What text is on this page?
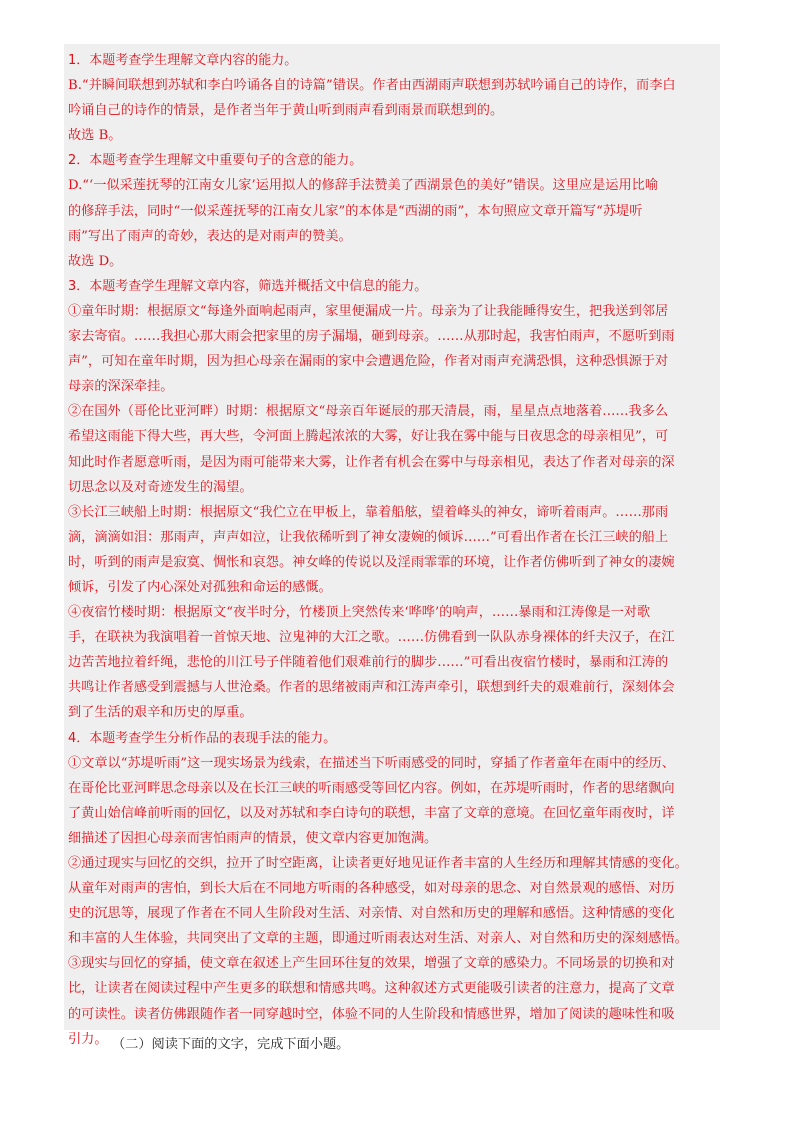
1．本题考查学生理解文章内容的能力。
B.“并瞬间联想到苏轼和李白吟诵各自的诗篇”错误。作者由西湖雨声联想到苏轼吟诵自己的诗作，而李白
吟诵自己的诗作的情景，是作者当年于黄山听到雨声看到雨景而联想到的。
故选 B。
2．本题考查学生理解文中重要句子的含意的能力。
D.“‘一似采莲抚琴的江南女儿家’运用拟人的修辞手法赞美了西湖景色的美好”错误。这里应是运用比喻
的修辞手法，同时“一似采莲抚琴的江南女儿家”的本体是“西湖的雨”，本句照应文章开篇写“苏堤听
雨”写出了雨声的奇妙，表达的是对雨声的赞美。
故选 D。
3．本题考查学生理解文章内容，筛选并概括文中信息的能力。
①童年时期：根据原文“每逢外面响起雨声，家里便漏成一片。母亲为了让我能睡得安生，把我送到邻居
家去寄宿。……我担心那大雨会把家里的房子漏塌，砸到母亲。……从那时起，我害怕雨声，不愿听到雨
声”，可知在童年时期，因为担心母亲在漏雨的家中会遭遇危险，作者对雨声充满恐惧，这种恐惧源于对
母亲的深深牵挂。
②在国外（哥伦比亚河畔）时期：根据原文“母亲百年诞辰的那天清晨，雨，星星点点地落着……我多么
希望这雨能下得大些，再大些，令河面上腾起浓浓的大雾，好让我在雾中能与日夜思念的母亲相见”，可
知此时作者愿意听雨，是因为雨可能带来大雾，让作者有机会在雾中与母亲相见，表达了作者对母亲的深
切思念以及对奇迹发生的渴望。
③长江三峡船上时期：根据原文“我伫立在甲板上，靠着船舷，望着峰头的神女，谛听着雨声。……那雨
滴，滴滴如泪：那雨声，声声如泣，让我依稀听到了神女凄婉的倾诉……”可看出作者在长江三峡的船上
时，听到的雨声是寂寞、惆怅和哀怨。神女峰的传说以及淫雨霏霏的环境，让作者仿佛听到了神女的凄婉
倾诉，引发了内心深处对孤独和命运的感慨。
④夜宿竹楼时期：根据原文“夜半时分，竹楼顶上突然传来‘哗哗’的响声，……暴雨和江涛像是一对歌
手，在联袂为我演唱着一首惊天地、泣鬼神的大江之歌。……仿佛看到一队队赤身裸体的纤夫汉子，在江
边苦苦地拉着纤绳，悲怆的川江号子伴随着他们艰难前行的脚步……”可看出夜宿竹楼时，暴雨和江涛的
共鸣让作者感受到震撼与人世沧桑。作者的思绪被雨声和江涛声牵引，联想到纤夫的艰难前行，深刻体会
到了生活的艰辛和历史的厚重。
4．本题考查学生分析作品的表现手法的能力。
①文章以“苏堤听雨”这一现实场景为线索，在描述当下听雨感受的同时，穿插了作者童年在雨中的经历、
在哥伦比亚河畔思念母亲以及在长江三峡的听雨感受等回忆内容。例如，在苏堤听雨时，作者的思绪飘向
了黄山始信峰前听雨的回忆，以及对苏轼和李白诗句的联想，丰富了文章的意境。在回忆童年雨夜时，详
细描述了因担心母亲而害怕雨声的情景，使文章内容更加饱满。
②通过现实与回忆的交织，拉开了时空距离，让读者更好地见证作者丰富的人生经历和理解其情感的变化。
从童年对雨声的害怕，到长大后在不同地方听雨的各种感受，如对母亲的思念、对自然景观的感悟、对历
史的沉思等，展现了作者在不同人生阶段对生活、对亲情、对自然和历史的理解和感悟。这种情感的变化
和丰富的人生体验，共同突出了文章的主题，即通过听雨表达对生活、对亲人、对自然和历史的深刻感悟。
③现实与回忆的穿插，使文章在叙述上产生回环往复的效果，增强了文章的感染力。不同场景的切换和对
比，让读者在阅读过程中产生更多的联想和情感共鸣。这种叙述方式更能吸引读者的注意力，提高了文章
的可读性。读者仿佛跟随作者一同穿越时空，体验不同的人生阶段和情感世界，增加了阅读的趣味性和吸
引力。 （二）阅读下面的文字，完成下面小题。
